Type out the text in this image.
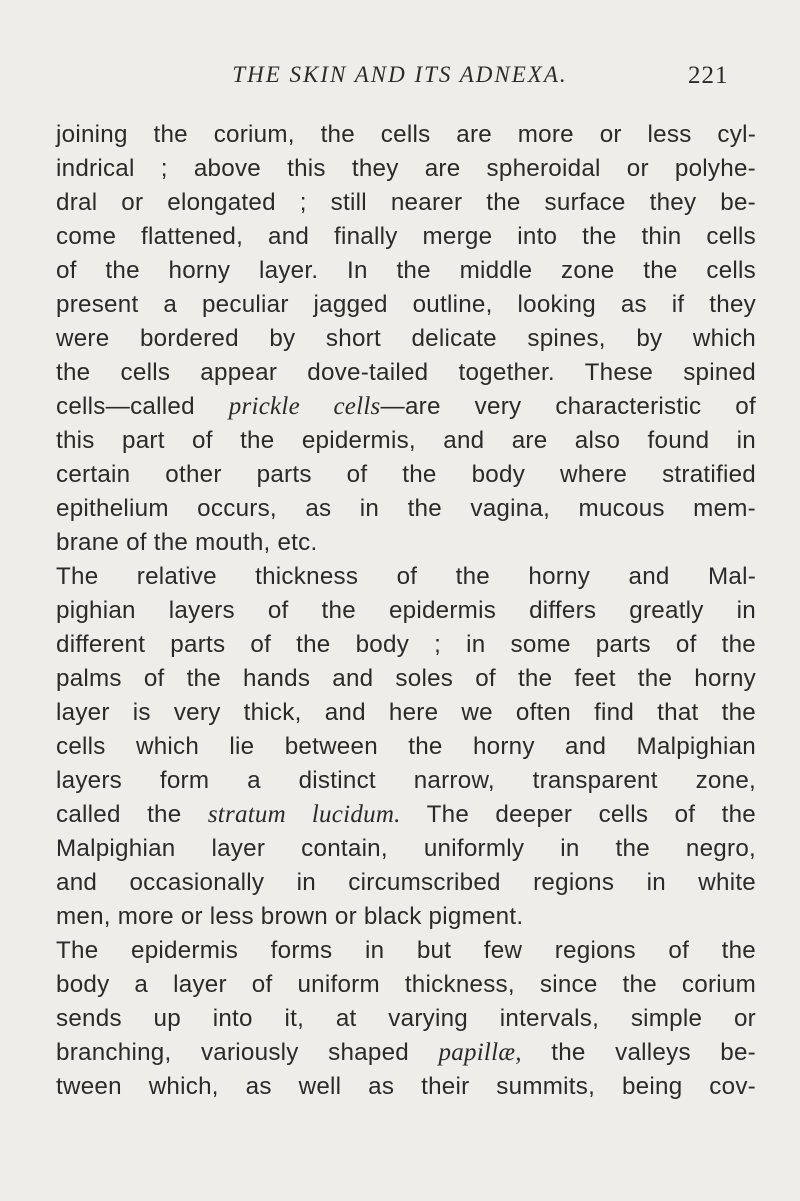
THE SKIN AND ITS ADNEXA.	221
joining the corium, the cells are more or less cyl-
indrical ; above this they are spheroidal or polyhe-
dral or elongated ; still nearer the surface they be-
come flattened, and finally merge into the thin cells
of the horny layer. In the middle zone the cells
present a peculiar jagged outline, looking as if they
were bordered by short delicate spines, by which
the cells appear dove-tailed together. These spined
cells—called prickle cells—are very characteristic of
this part of the epidermis, and are also found in
certain other parts of the body where stratified
epithelium occurs, as in the vagina, mucous mem-
brane of the mouth, etc.
The relative thickness of the horny and Mal-
pighian layers of the epidermis differs greatly in
different parts of the body ; in some parts of the
palms of the hands and soles of the feet the horny
layer is very thick, and here we often find that the
cells which lie between the horny and Malpighian
layers form a distinct narrow, transparent zone,
called the stratum lucidum. The deeper cells of the
Malpighian layer contain, uniformly in the negro,
and occasionally in circumscribed regions in white
men, more or less brown or black pigment.
The epidermis forms in but few regions of the
body a layer of uniform thickness, since the corium
sends up into it, at varying intervals, simple or
branching, variously shaped papillæ, the valleys be-
tween which, as well as their summits, being cov-
